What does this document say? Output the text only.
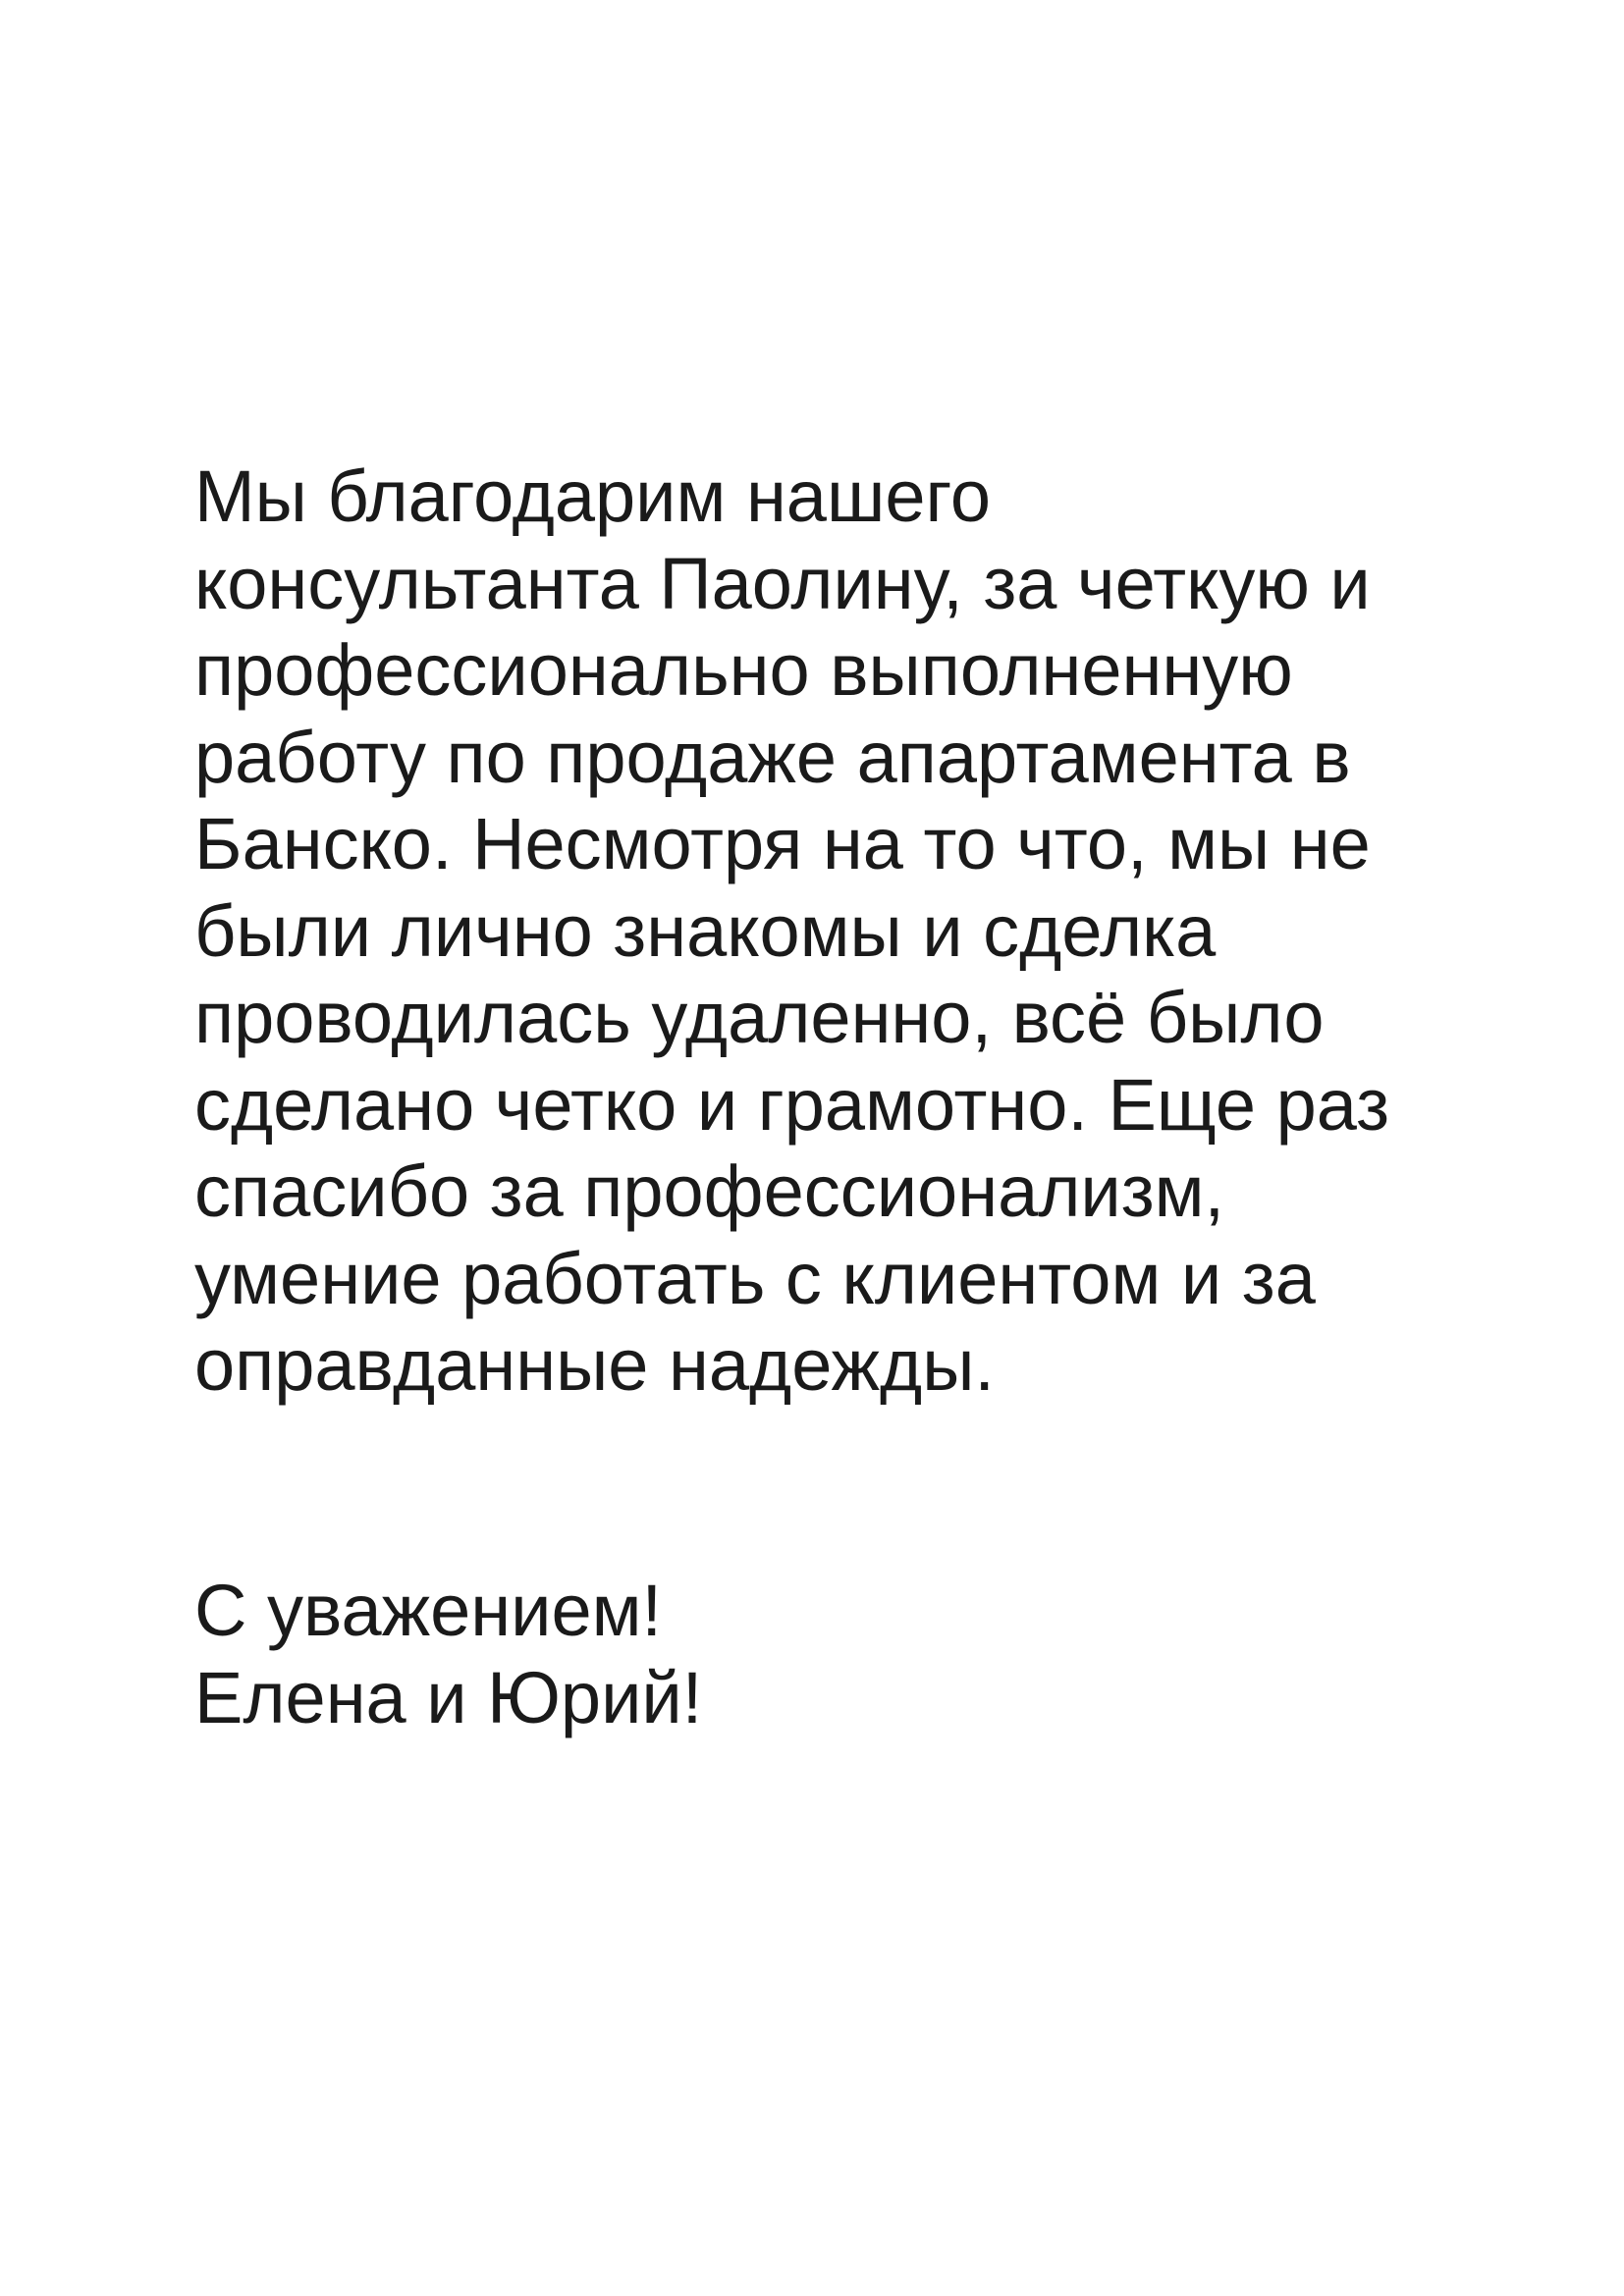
Мы благодарим нашего
консультанта Паолину, за четкую и
профессионально выполненную
работу по продаже апартамента в
Банско. Несмотря на то что, мы не
были лично знакомы и сделка
проводилась удаленно, всё было
сделано четко и грамотно. Еще раз
спасибо за профессионализм,
умение работать с клиентом и за
оправданные надежды.
С уважением!
Елена и Юрий!
